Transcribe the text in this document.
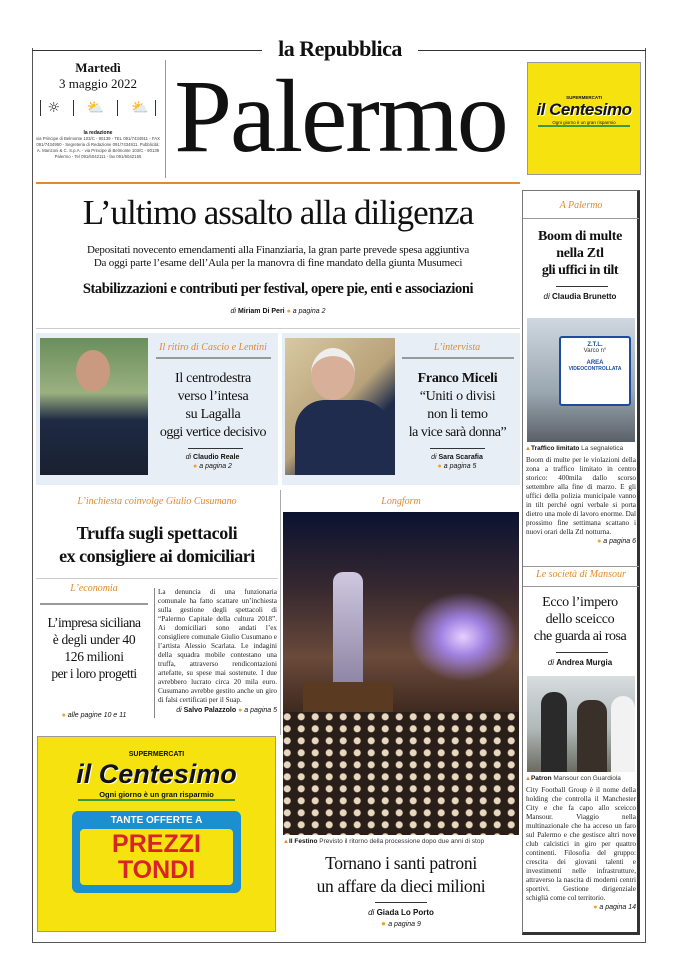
la Repubblica
Martedì
3 maggio 2022
☼ ⛅ ⛅
la redazione
via Principe di Belmonte 103/C - 90139 - TEL 091/7434911 - FAX 091/7434950 - Segreteria di Redazione 091/7434911. Pubblicità: A. Manzoni & C. S.p.A. - via Principe di Belmonte 103/C - 90139 Palermo - Tel 091/6042111 - fax 091/6042155 Palermo	SUPERMERCATI
il Centesimo
Ogni giorno è un gran risparmio
L’ultimo assalto alla diligenza
Depositati novecento emendamenti alla Finanziaria, la gran parte prevede spesa aggiuntiva
Da oggi parte l’esame dell’Aula per la manovra di fine mandato della giunta Musumeci
Stabilizzazioni e contributi per festival, opere pie, enti e associazioni
di Miriam Di Peri ● a pagina 2
Il ritiro di Cascio e Lentini
Il centrodestra
verso l’intesa
su Lagalla
oggi vertice decisivo
di Claudio Reale
● a pagina 2
L’intervista
Franco Miceli
“Uniti o divisi
non li temo
la vice sarà donna”
di Sara Scarafia
● a pagina 5
L’inchiesta coinvolge Giulio Cusumano
Truffa sugli spettacoli
ex consigliere ai domiciliari
L’economia
L’impresa siciliana
è degli under 40
126 milioni
per i loro progetti
● alle pagine 10 e 11
La denuncia di una funzionaria comunale ha fatto scattare un’inchiesta sulla gestione degli spettacoli di “Palermo Capitale della cultura 2018”. Ai domiciliari sono andati l’ex consigliere comunale Giulio Cusumano e l’artista Alessio Scarlata. Le indagini della squadra mobile contestano una truffa, attraverso rendicontazioni artefatte, su spese mai sostenute. I due avrebbero lucrato circa 20 mila euro. Cusumano avrebbe gestito anche un giro di falsi certificati per il Suap.
di Salvo Palazzolo ● a pagina 5
Longform
▲Il Festino Previsto il ritorno della processione dopo due anni di stop
Tornano i santi patroni
un affare da dieci milioni
di Giada Lo Porto
● a pagina 9
SUPERMERCATI
il Centesimo
Ogni giorno è un gran risparmio
TANTE OFFERTE A
PREZZI
TONDI
A Palermo
Boom di multe
nella Ztl
gli uffici in tilt
di Claudia Brunetto
Z.T.L.
Varco n°
AREA
VIDEOCONTROLLATA
▲Traffico limitato La segnaletica
Boom di multe per le violazioni della zona a traffico limitato in centro storico: 400mila dallo scorso settembre alla fine di marzo. E gli uffici della polizia municipale vanno in tilt perché ogni verbale si porta dietro una mole di lavoro enorme. Dal prossimo fine settimana scattano i nuovi orari della Ztl notturna.
● a pagina 6
Le società di Mansour
Ecco l’impero
dello sceicco
che guarda ai rosa
di Andrea Murgia
▲Patron Mansour con Guardiola
City Football Group è il nome della holding che controlla il Manchester City e che fa capo allo sceicco Mansour. Viaggio nella multinazionale che ha acceso un faro sul Palermo e che gestisce altri nove club calcistici in giro per quattro continenti. Filosofia del gruppo: crescita dei giovani talenti e investimenti nelle infrastrutture, attraverso la nascita di moderni centri sportivi. Gestione dirigenziale schiglià come col territorio.
● a pagina 14
